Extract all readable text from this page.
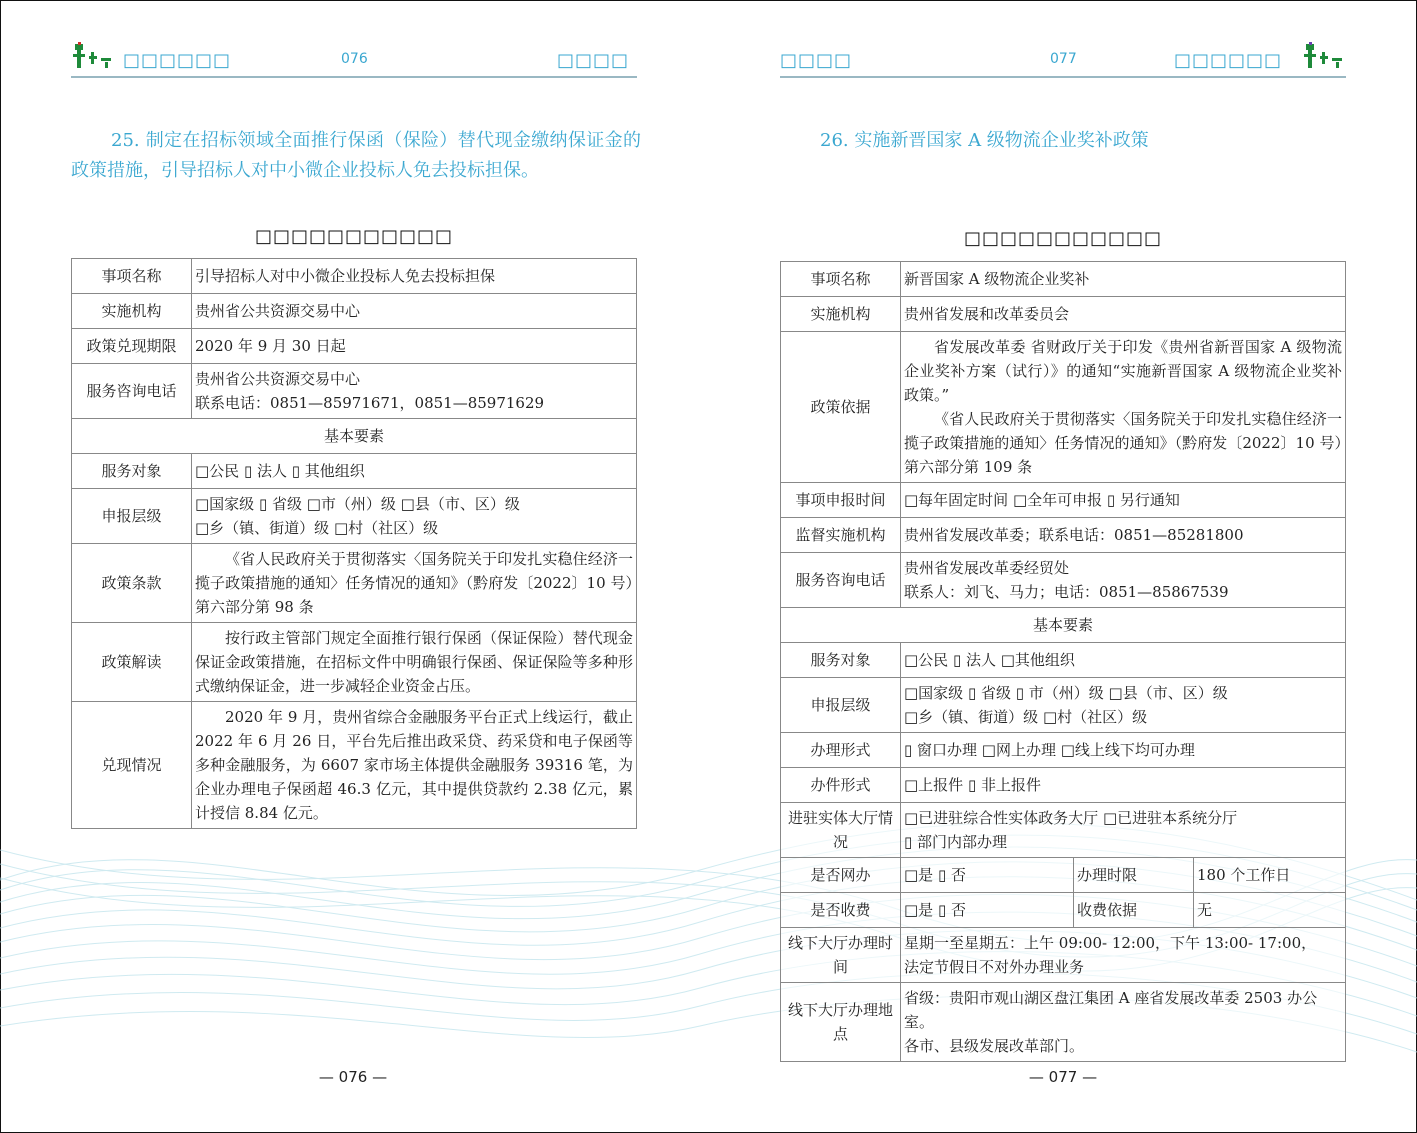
□□□□□□	076	□□□□
25. 制定在招标领域全面推行保函（保险）替代现金缴纳保证金的政策措施，引导招标人对中小微企业投标人免去投标担保。
□□□□□□□□□□□
事项名称	引导招标人对中小微企业投标人免去投标担保

实施机构	贵州省公共资源交易中心

政策兑现期限	2020 年 9 月 30 日起

服务咨询电话	贵州省公共资源交易中心
联系电话：0851—85971671，0851—85971629

基本要素	
服务对象	□公民 ▯ 法人 ▯ 其他组织

申报层级	□国家级 ▯ 省级 □市（州）级 □县（市、区）级
□乡（镇、街道）级 □村（社区）级

政策条款	《省人民政府关于贯彻落实〈国务院关于印发扎实稳住经济一揽子政策措施的通知〉任务情况的通知》（黔府发〔2022〕10 号）第六部分第 98 条

政策解读	按行政主管部门规定全面推行银行保函（保证保险）替代现金保证金政策措施，在招标文件中明确银行保函、保证保险等多种形式缴纳保证金，进一步减轻企业资金占压。

兑现情况	2020 年 9 月，贵州省综合金融服务平台正式上线运行，截止 2022 年 6 月 26 日，平台先后推出政采贷、药采贷和电子保函等多种金融服务，为 6607 家市场主体提供金融服务 39316 笔，为企业办理电子保函超 46.3 亿元，其中提供贷款约 2.38 亿元，累计授信 8.84 亿元。
— 076 —
□□□□	077	□□□□□□
26. 实施新晋国家 A 级物流企业奖补政策
□□□□□□□□□□□
事项名称	新晋国家 A 级物流企业奖补		

实施机构	贵州省发展和改革委员会		

政策依据	省发展改革委 省财政厅关于印发《贵州省新晋国家 A 级物流企业奖补方案（试行）》的通知“实施新晋国家 A 级物流企业奖补政策。”
《省人民政府关于贯彻落实〈国务院关于印发扎实稳住经济一揽子政策措施的通知〉任务情况的通知》（黔府发〔2022〕10 号）第六部分第 109 条		

事项申报时间	□每年固定时间 □全年可申报 ▯ 另行通知		

监督实施机构	贵州省发展改革委；联系电话：0851—85281800		

服务咨询电话	贵州省发展改革委经贸处
联系人：刘飞、马力；电话：0851—85867539		

基本要素			
服务对象	□公民 ▯ 法人 □其他组织		

申报层级	□国家级 ▯ 省级 ▯ 市（州）级 □县（市、区）级
□乡（镇、街道）级 □村（社区）级		

办理形式	▯ 窗口办理 □网上办理 □线上线下均可办理		

办件形式	□上报件 ▯ 非上报件		

进驻实体大厅情况	□已进驻综合性实体政务大厅 □已进驻本系统分厅
▯ 部门内部办理		

是否网办	□是 ▯ 否	办理时限	180 个工作日
是否收费	□是 ▯ 否	收费依据	无
线下大厅办理时间	星期一至星期五：上午 09:00- 12:00，下午 13:00- 17:00，
法定节假日不对外办理业务		

线下大厅办理地点	省级：贵阳市观山湖区盘江集团 A 座省发展改革委 2503 办公室。
各市、县级发展改革部门。		
— 077 —
